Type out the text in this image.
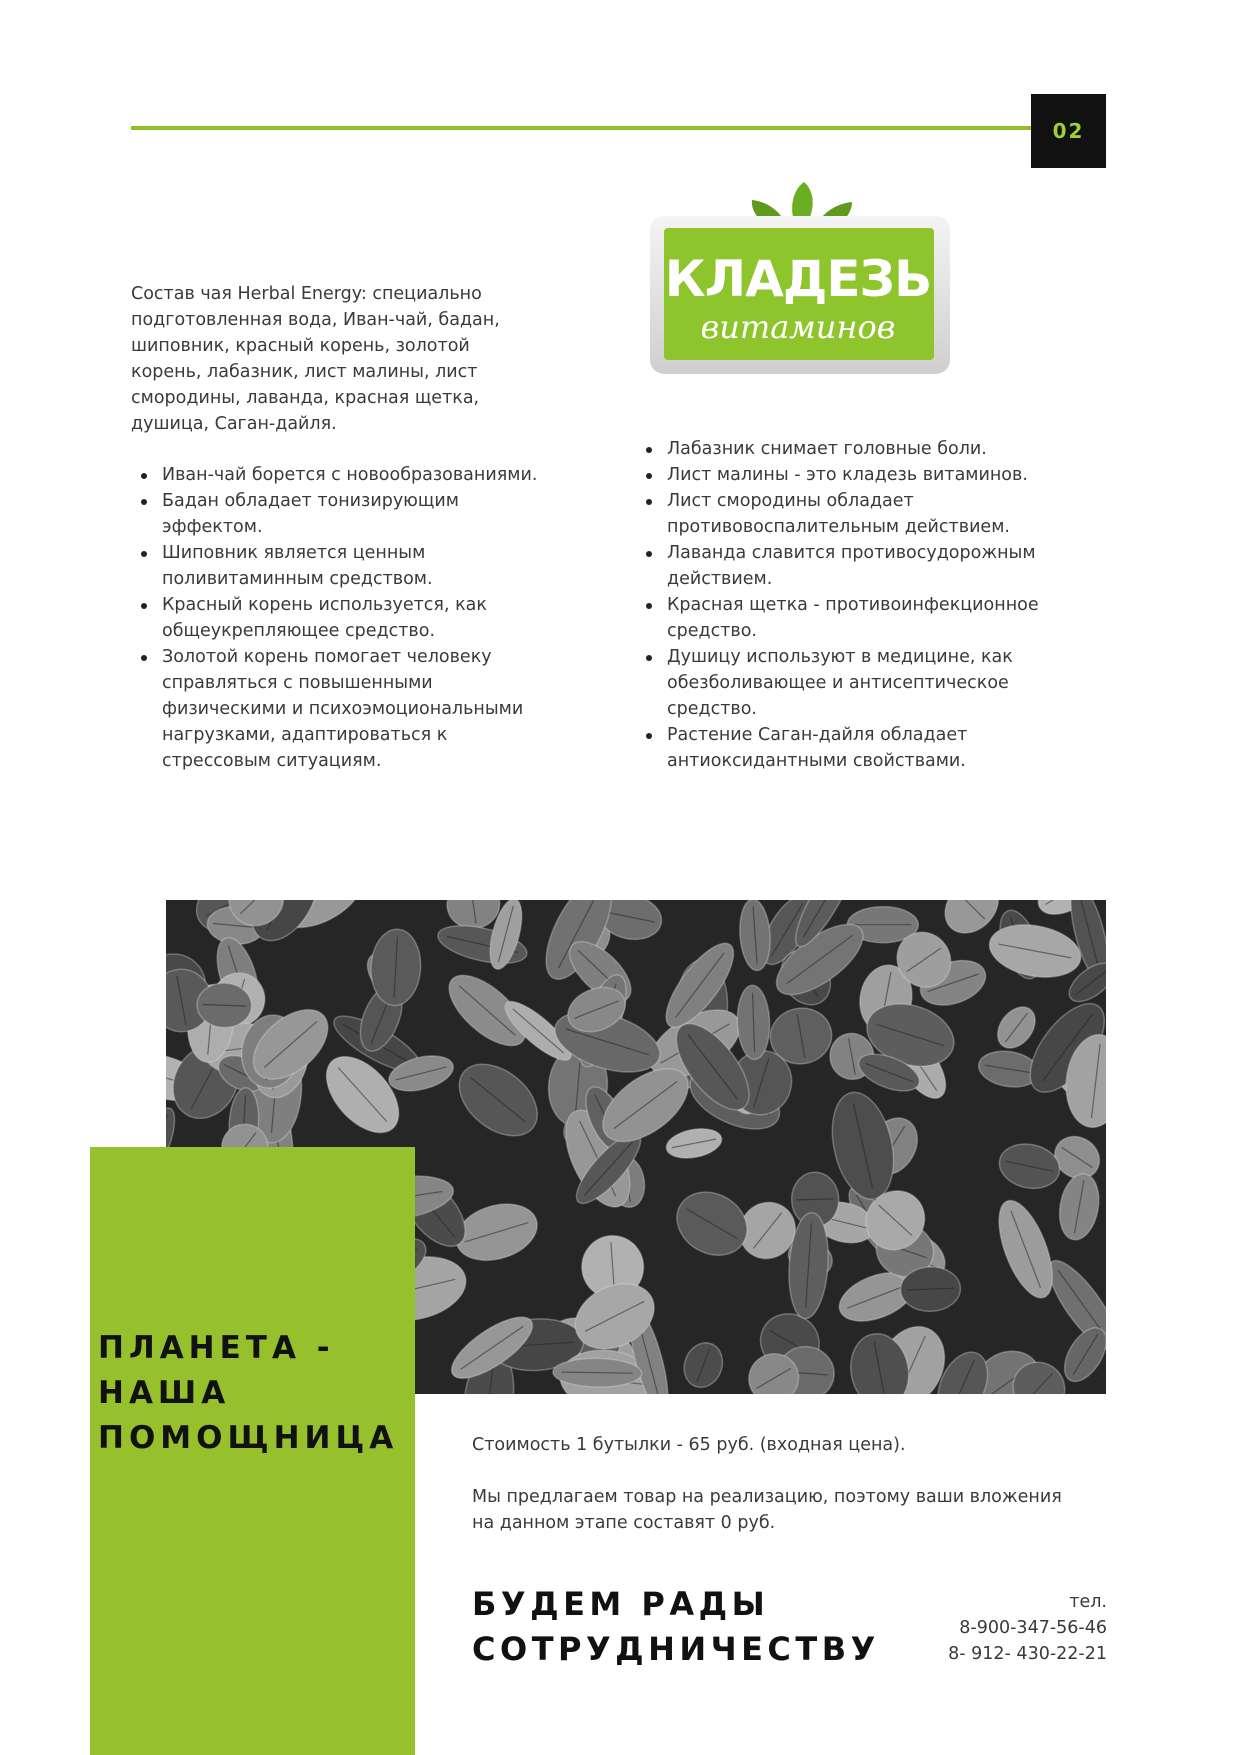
02
КЛАДЕЗЬ
витаминов
Состав чая Herbal Energy: специально подготовленная вода, Иван-чай, бадан, шиповник, красный корень, золотой корень, лабазник, лист малины, лист смородины, лаванда, красная щетка, душица, Саган-дайля.
Иван-чай борется с новообразованиями.
Бадан обладает тонизирующим эффектом.
Шиповник является ценным поливитаминным средством.
Красный корень используется, как общеукрепляющее средство.
Золотой корень помогает человеку справляться с повышенными физическими и психоэмоциональными нагрузками, адаптироваться к стрессовым ситуациям.
Лабазник снимает головные боли.
Лист малины - это кладезь витаминов.
Лист смородины обладает противовоспалительным действием.
Лаванда славится противосудорожным действием.
Красная щетка - противоинфекционное средство.
Душицу используют в медицине, как обезболивающее и антисептическое средство.
Растение Саган-дайля обладает антиоксидантными свойствами.
ПЛАНЕТА -
НАША
ПОМОЩНИЦА	Стоимость 1 бутылки - 65 руб. (входная цена).
Мы предлагаем товар на реализацию, поэтому ваши вложения на данном этапе составят 0 руб.
БУДЕМ РАДЫ
СОТРУДНИЧЕСТВУ
тел.
8-900-347-56-46
8- 912- 430-22-21
